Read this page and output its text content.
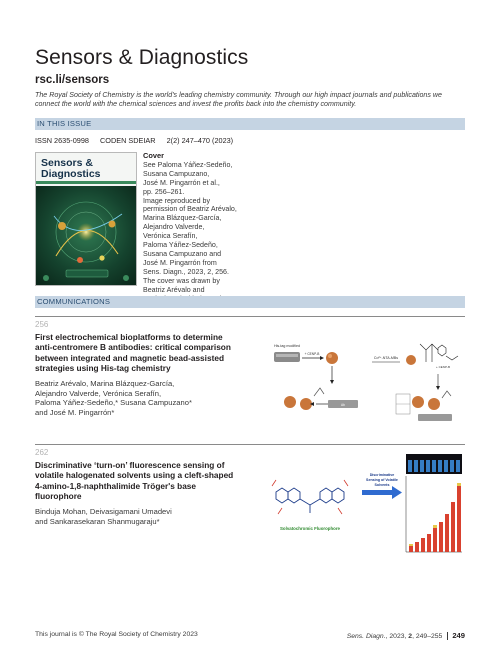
Sensors & Diagnostics
rsc.li/sensors
The Royal Society of Chemistry is the world's leading chemistry community. Through our high impact journals and publications we connect the world with the chemical sciences and invest the profits back into the chemistry community.
IN THIS ISSUE
ISSN 2635-0998 CODEN SDEIAR 2(2) 247–470 (2023)
Sensors &
Diagnostics
Cover
See Paloma Yáñez-Sedeño,
Susana Campuzano,
José M. Pingarrón et al.,
pp. 256–261.
Image reproduced by
permission of Beatriz Arévalo,
Marina Blázquez-García,
Alejandro Valverde,
Verónica Serafín,
Paloma Yáñez-Sedeño,
Susana Campuzano and
José M. Pingarrón from
Sens. Diagn., 2023, 2, 256.
The cover was drawn by
Beatriz Arévalo and
COMMUNICATIONS
256
First electrochemical bioplatforms to determine
anti-centromere B antibodies: critical comparison
between integrated and magnetic bead-assisted
strategies using His-tag chemistry
Beatriz Arévalo, Marina Blázquez-García,
Alejandro Valverde, Verónica Serafín,
Paloma Yáñez-Sedeño,* Susana Campuzano*
and José M. Pingarrón*
His-tag modified
+ CENP-B
Ab
Co²⁺-NTA-MBs
+ CENP-B
262
Discriminative ‘turn-on’ fluorescence sensing of
volatile halogenated solvents using a cleft-shaped
4-amino-1,8-naphthalimide Tröger's base
fluorophore
Binduja Mohan, Deivasigamani Umadevi
and Sankarasekaran Shanmugaraju*
Solvatochromic Fluorophore
Discriminative
Sensing of Volatile
Solvents
This journal is © The Royal Society of Chemistry 2023	Sens. Diagn., 2023, 2, 249–255 249
